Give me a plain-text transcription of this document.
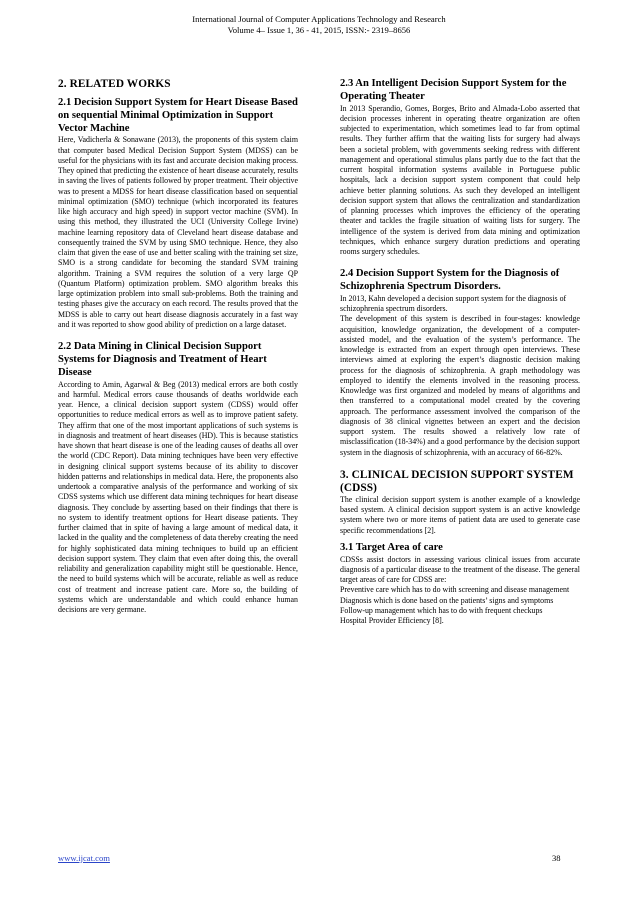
International Journal of Computer Applications Technology and Research
Volume 4– Issue 1, 36 - 41, 2015, ISSN:- 2319–8656
2. RELATED WORKS
2.1 Decision Support System for Heart Disease Based on sequential Minimal Optimization in Support Vector Machine

Here, Vadicherla & Sonawane (2013), the proponents of this system claim that computer based Medical Decision Support System (MDSS) can be useful for the physicians with its fast and accurate decision making process. They opined that predicting the existence of heart disease accurately, results in saving the lives of patients followed by proper treatment. Their objective was to present a MDSS for heart disease classification based on sequential minimal optimization (SMO) technique (which incorporated its features like high accuracy and high speed) in support vector machine (SVM). In using this method, they illustrated the UCI (University College Irvine) machine learning repository data of Cleveland heart disease database and consequently trained the SVM by using SMO technique. Hence, they also claim that given the ease of use and better scaling with the training set size, SMO is a strong candidate for becoming the standard SVM training algorithm. Training a SVM requires the solution of a very large QP (Quantum Platform) optimization problem. SMO algorithm breaks this large optimization problem into small sub-problems. Both the training and testing phases give the accuracy on each record. The results proved that the MDSS is able to carry out heart disease diagnosis accurately in a fast way and it was reported to show good ability of prediction on a large dataset.

2.2 Data Mining in Clinical Decision Support Systems for Diagnosis and Treatment of Heart Disease

According to Amin, Agarwal & Beg (2013) medical errors are both costly and harmful. Medical errors cause thousands of deaths worldwide each year. Hence, a clinical decision support system (CDSS) would offer opportunities to reduce medical errors as well as to improve patient safety. They affirm that one of the most important applications of such systems is in diagnosis and treatment of heart diseases (HD). This is because statistics have shown that heart disease is one of the leading causes of deaths all over the world (CDC Report). Data mining techniques have been very effective in designing clinical support systems because of its ability to discover hidden patterns and relationships in medical data. Here, the proponents also undertook a comparative analysis of the performance and working of six CDSS systems which use different data mining techniques for heart disease diagnosis. They conclude by asserting based on their findings that there is no system to identify treatment options for Heart disease patients. They further claimed that in spite of having a large amount of medical data, it lacked in the quality and the completeness of data thereby creating the need for highly sophisticated data mining techniques to build up an efficient decision support system. They claim that even after doing this, the overall reliability and generalization capability might still be questionable. Hence, the need to build systems which will be accurate, reliable as well as reduce cost of treatment and increase patient care. More so, the building of systems which are understandable and which could enhance human decisions are very germane.

2.3 An Intelligent Decision Support System for the Operating Theater

In 2013 Sperandio, Gomes, Borges, Brito and Almada-Lobo asserted that decision processes inherent in operating theatre organization are often subjected to experimentation, which sometimes lead to far from optimal results. They further affirm that the waiting lists for surgery had always been a societal problem, with governments seeking redress with different management and operational stimulus plans partly due to the fact that the current hospital information systems available in Portuguese public hospitals, lack a decision support system component that could help achieve better planning solutions. As such they developed an intelligent decision support system that allows the centralization and standardization of planning processes which improves the efficiency of the operating theater and tackles the fragile situation of waiting lists for surgery. The intelligence of the system is derived from data mining and optimization techniques, which enhance surgery duration predictions and operating rooms surgery schedules.

2.4 Decision Support System for the Diagnosis of Schizophrenia Spectrum Disorders.

In 2013, Kahn developed a decision support system for the diagnosis of schizophrenia spectrum disorders.

The development of this system is described in four-stages: knowledge acquisition, knowledge organization, the development of a computer-assisted model, and the evaluation of the system’s performance. The knowledge is extracted from an expert through open interviews. These interviews aimed at exploring the expert’s diagnostic decision making process for the diagnosis of schizophrenia. A graph methodology was employed to identify the elements involved in the reasoning process. Knowledge was first organized and modeled by means of algorithms and then transferred to a computational model created by the covering approach. The performance assessment involved the comparison of the diagnosis of 38 clinical vignettes between an expert and the decision support system. The results showed a relatively low rate of misclassification (18-34%) and a good performance by the decision support system in the diagnosis of schizophrenia, with an accuracy of 66-82%.

3. CLINICAL DECISION SUPPORT SYSTEM (CDSS)

The clinical decision support system is another example of a knowledge based system. A clinical decision support system is an active knowledge system where two or more items of patient data are used to generate case specific recommendations [2].

3.1 Target Area of care

CDSSs assist doctors in assessing various clinical issues from accurate diagnosis of a particular disease to the treatment of the disease. The general target areas of care for CDSS are:

Preventive care which has to do with screening and disease management

Diagnosis which is done based on the patients’ signs and symptoms

Follow-up management which has to do with frequent checkups

Hospital Provider Efficiency [8].

www.ijcat.com	38
